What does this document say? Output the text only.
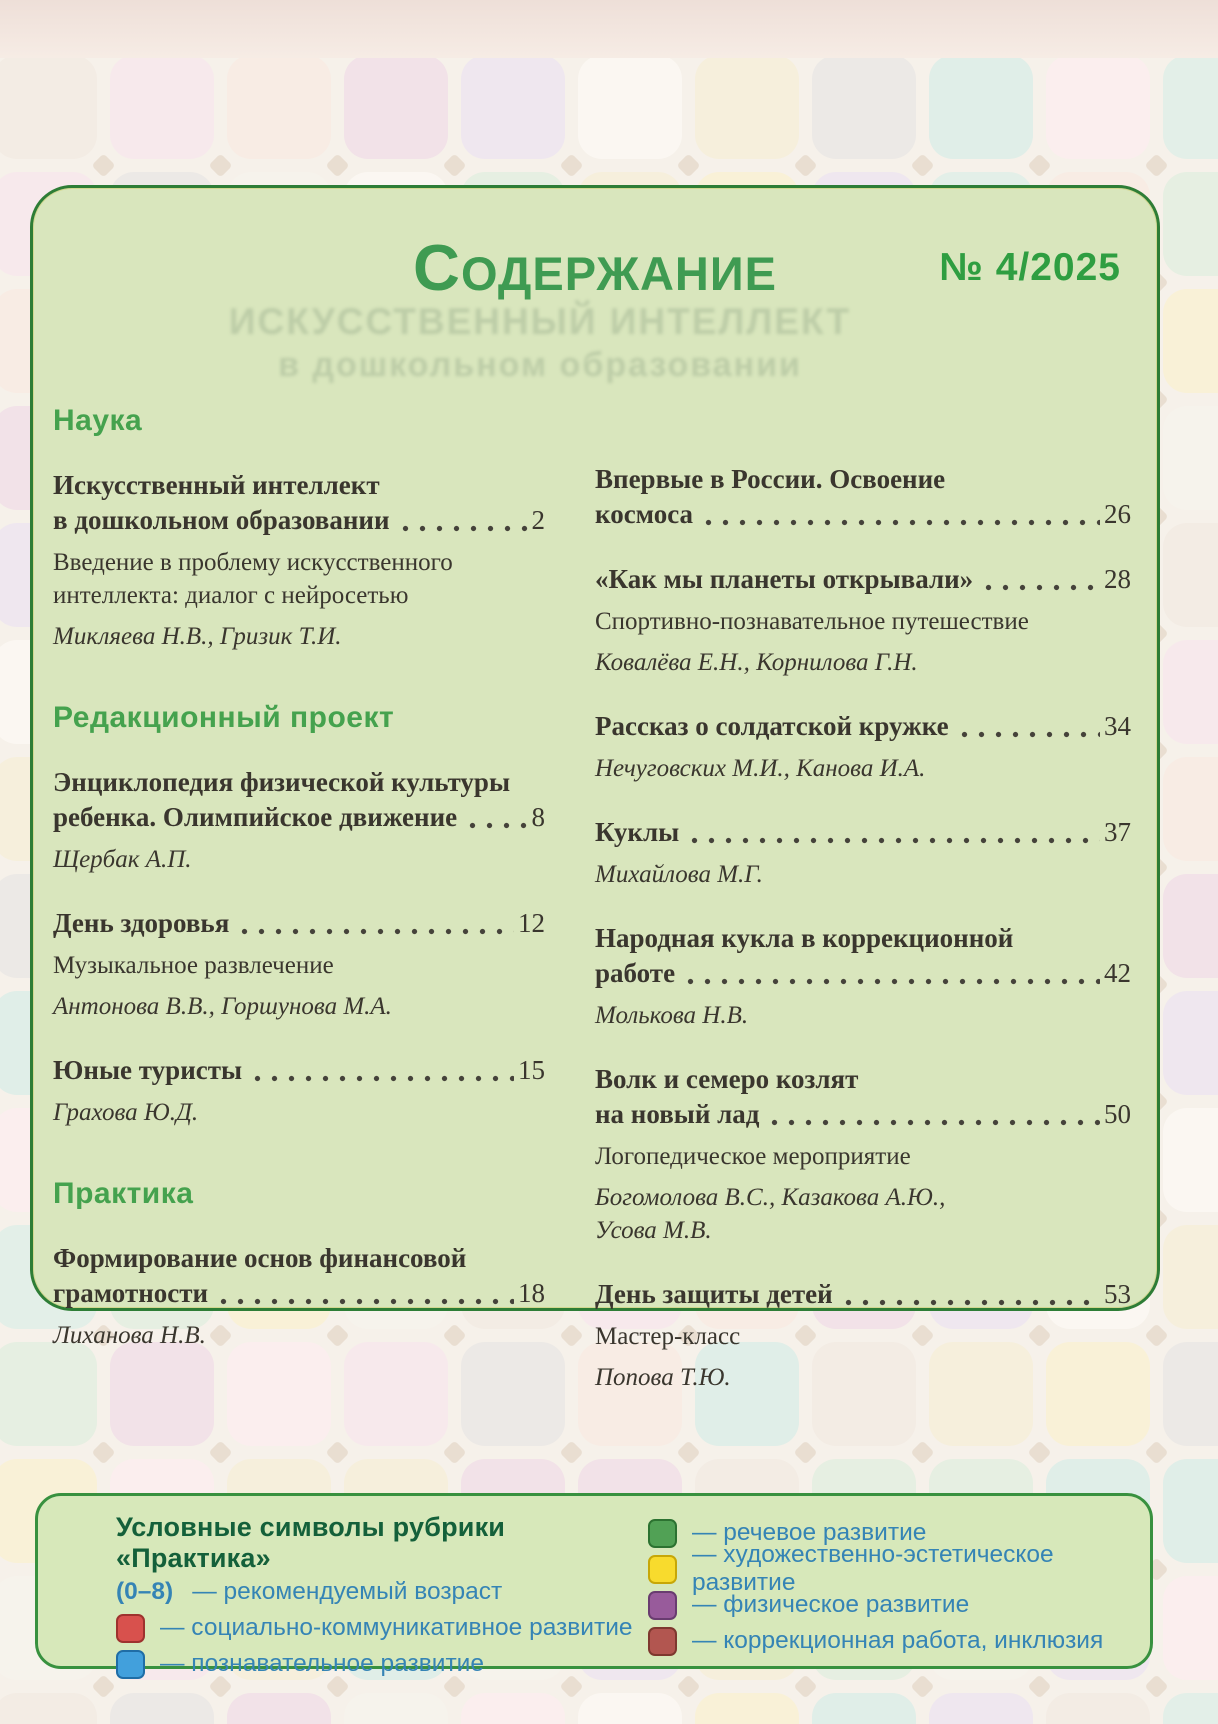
ИСКУССТВЕННЫЙ ИНТЕЛЛЕКТ
в дошкольном образовании
СОДЕРЖАНИЕ	№ 4/2025
Наука
Искусственный интеллект
в дошкольном образовании	2
Введение в проблему искусственного
интеллекта: диалог с нейросетью
Микляева Н.В., Гризик Т.И.
Редакционный проект
Энциклопедия физической культуры
ребенка. Олимпийское движение	8
Щербак А.П.
День здоровья	12
Музыкальное развлечение
Антонова В.В., Горшунова М.А.
Юные туристы	15
Грахова Ю.Д.
Практика
Формирование основ финансовой
грамотности	18
Лиханова Н.В.
Впервые в России. Освоение
космоса	26
«Как мы планеты открывали»	28
Спортивно-познавательное путешествие
Ковалёва Е.Н., Корнилова Г.Н.
Рассказ о солдатской кружке	34
Нечуговских М.И., Канова И.А.
Куклы	37
Михайлова М.Г.
Народная кукла в коррекционной
работе	42
Молькова Н.В.
Волк и семеро козлят
на новый лад	50
Логопедическое мероприятие
Богомолова В.С., Казакова А.Ю.,
Усова М.В.
День защиты детей	53
Мастер-класс
Попова Т.Ю.
Условные символы рубрики «Практика»
(0–8) — рекомендуемый возраст
— социально-коммуникативное развитие
— познавательное развитие
— речевое развитие
— художественно-эстетическое развитие
— физическое развитие
— коррекционная работа, инклюзия
